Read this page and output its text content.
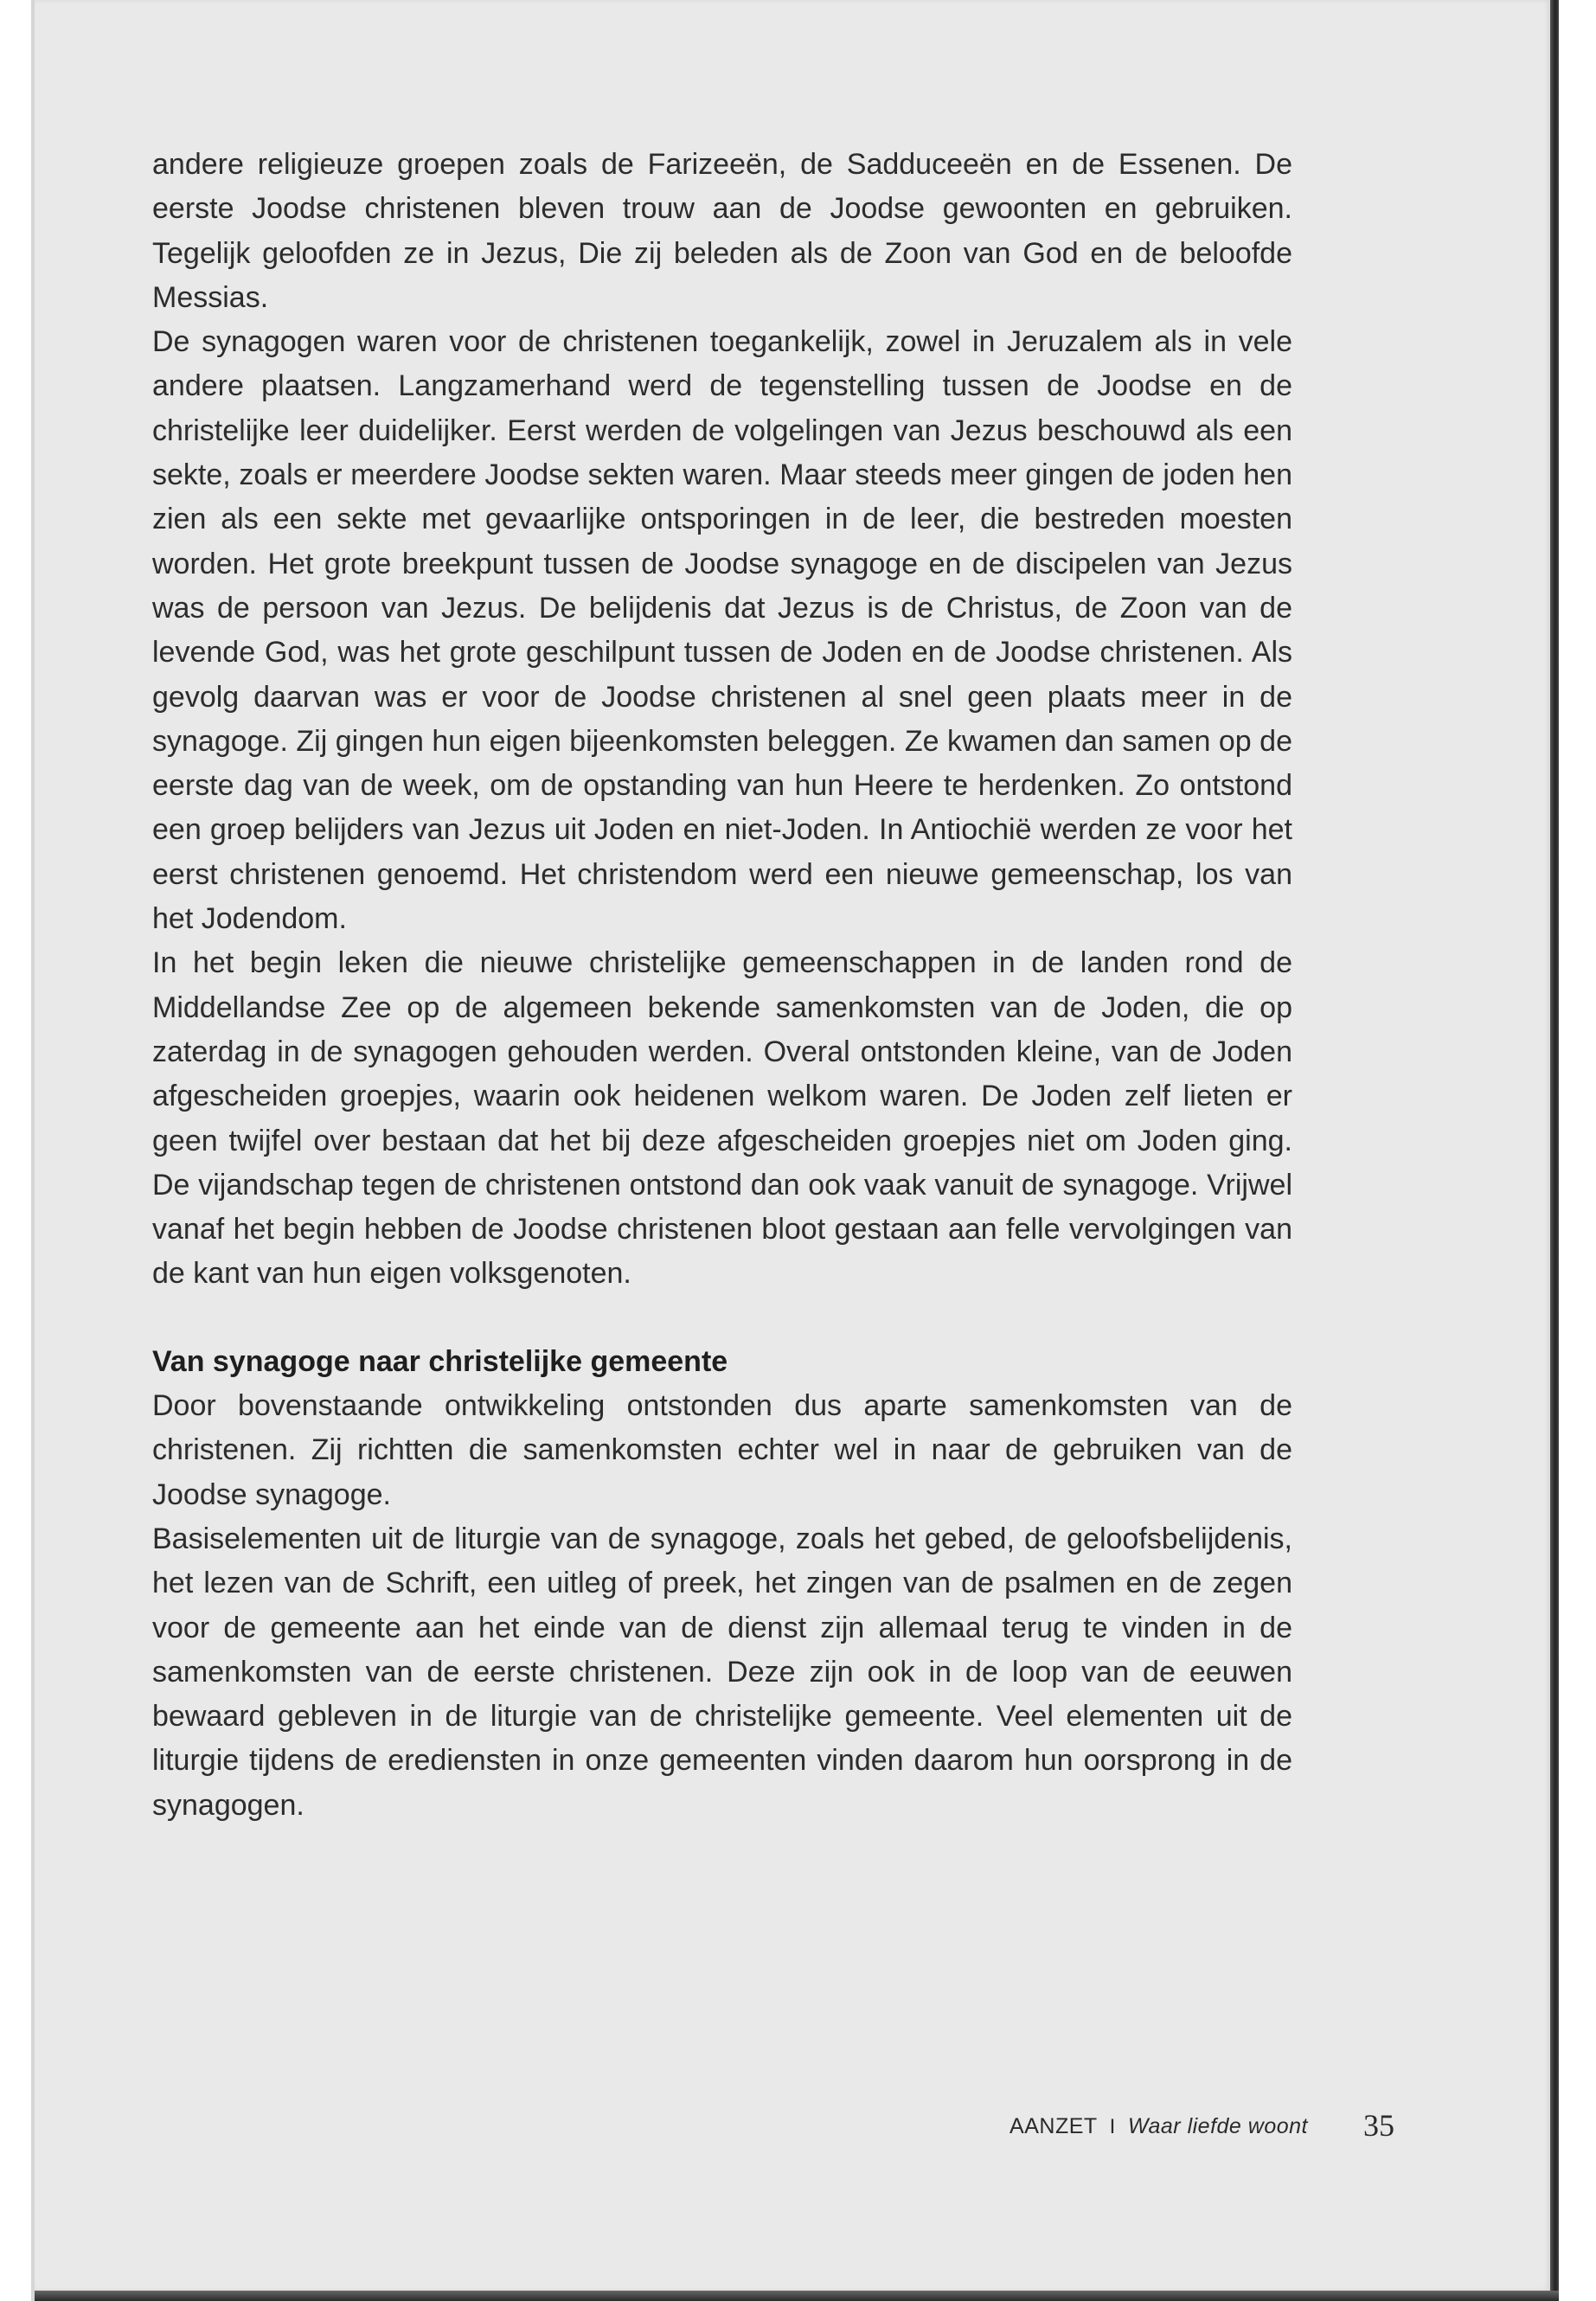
andere religieuze groepen zoals de Farizeeën, de Sadduceeën en de Essenen. De eerste Joodse christenen bleven trouw aan de Joodse gewoonten en gebruiken. Tegelijk geloofden ze in Jezus, Die zij beleden als de Zoon van God en de beloofde Messias.

De synagogen waren voor de christenen toegankelijk, zowel in Jeruzalem als in vele andere plaatsen. Langzamerhand werd de tegenstelling tussen de Joodse en de christelijke leer duidelijker. Eerst werden de volgelingen van Jezus beschouwd als een sekte, zoals er meerdere Joodse sekten waren. Maar steeds meer gingen de joden hen zien als een sekte met gevaarlijke ontsporingen in de leer, die bestreden moesten worden. Het grote breekpunt tussen de Joodse synagoge en de discipelen van Jezus was de persoon van Jezus. De belijdenis dat Jezus is de Christus, de Zoon van de levende God, was het grote geschilpunt tussen de Joden en de Joodse christenen. Als gevolg daarvan was er voor de Joodse christenen al snel geen plaats meer in de synagoge. Zij gingen hun eigen bijeenkomsten beleggen. Ze kwamen dan samen op de eerste dag van de week, om de opstanding van hun Heere te herdenken. Zo ontstond een groep belijders van Jezus uit Joden en niet-Joden. In Antiochië werden ze voor het eerst christenen genoemd. Het christendom werd een nieuwe gemeenschap, los van het Jodendom.

In het begin leken die nieuwe christelijke gemeenschappen in de landen rond de Middellandse Zee op de algemeen bekende samenkomsten van de Joden, die op zaterdag in de synagogen gehouden werden. Overal ontstonden kleine, van de Joden afgescheiden groepjes, waarin ook heidenen welkom waren. De Joden zelf lieten er geen twijfel over bestaan dat het bij deze afgescheiden groepjes niet om Joden ging. De vijandschap tegen de christenen ontstond dan ook vaak vanuit de synagoge. Vrijwel vanaf het begin hebben de Joodse christenen bloot gestaan aan felle vervolgingen van de kant van hun eigen volksgenoten.

Van synagoge naar christelijke gemeente

Door bovenstaande ontwikkeling ontstonden dus aparte samenkomsten van de christenen. Zij richtten die samenkomsten echter wel in naar de gebruiken van de Joodse synagoge.

Basiselementen uit de liturgie van de synagoge, zoals het gebed, de geloofsbelijdenis, het lezen van de Schrift, een uitleg of preek, het zingen van de psalmen en de zegen voor de gemeente aan het einde van de dienst zijn allemaal terug te vinden in de samenkomsten van de eerste christenen. Deze zijn ook in de loop van de eeuwen bewaard gebleven in de liturgie van de christelijke gemeente. Veel elementen uit de liturgie tijdens de erediensten in onze gemeenten vinden daarom hun oorsprong in de synagogen.

AANZET I Waar liefde woont 35
